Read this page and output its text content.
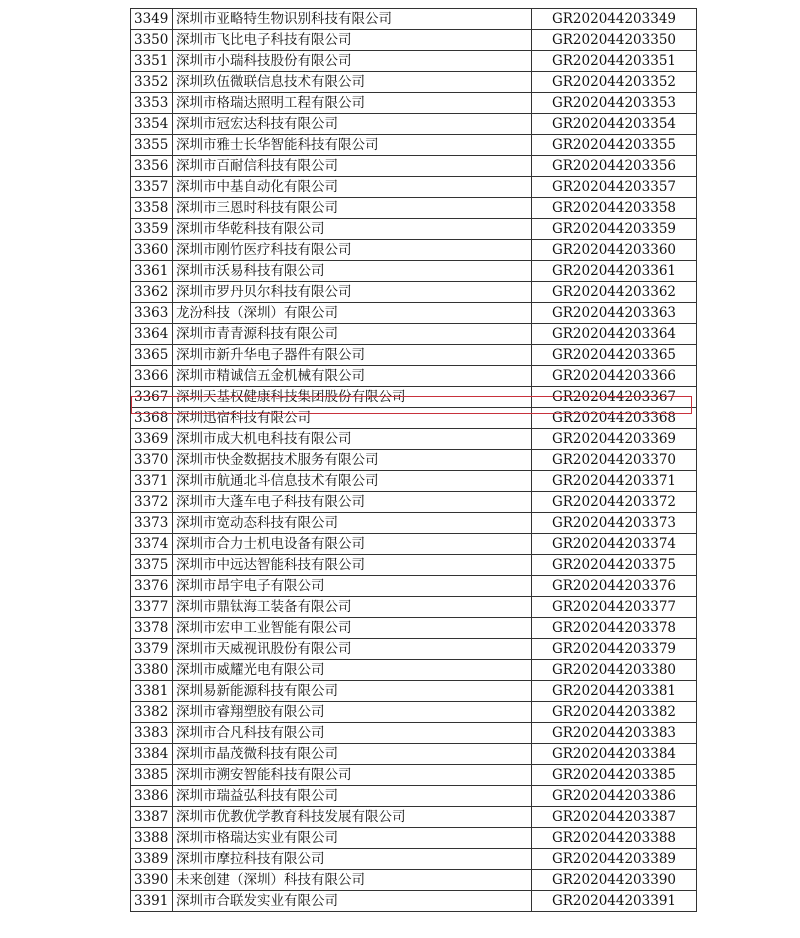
3349	深圳市亚略特生物识别科技有限公司	GR202044203349
3350	深圳市飞比电子科技有限公司	GR202044203350
3351	深圳市小瑞科技股份有限公司	GR202044203351
3352	深圳玖伍微联信息技术有限公司	GR202044203352
3353	深圳市格瑞达照明工程有限公司	GR202044203353
3354	深圳市冠宏达科技有限公司	GR202044203354
3355	深圳市雅士长华智能科技有限公司	GR202044203355
3356	深圳市百耐信科技有限公司	GR202044203356
3357	深圳市中基自动化有限公司	GR202044203357
3358	深圳市三恩时科技有限公司	GR202044203358
3359	深圳市华乾科技有限公司	GR202044203359
3360	深圳市刚竹医疗科技有限公司	GR202044203360
3361	深圳市沃易科技有限公司	GR202044203361
3362	深圳市罗丹贝尔科技有限公司	GR202044203362
3363	龙汾科技（深圳）有限公司	GR202044203363
3364	深圳市青青源科技有限公司	GR202044203364
3365	深圳市新升华电子器件有限公司	GR202044203365
3366	深圳市精诚信五金机械有限公司	GR202044203366
3367	深圳天基权健康科技集团股份有限公司	GR202044203367
3368	深圳迅宿科技有限公司	GR202044203368
3369	深圳市成大机电科技有限公司	GR202044203369
3370	深圳市快金数据技术服务有限公司	GR202044203370
3371	深圳市航通北斗信息技术有限公司	GR202044203371
3372	深圳市大蓬车电子科技有限公司	GR202044203372
3373	深圳市宽动态科技有限公司	GR202044203373
3374	深圳市合力士机电设备有限公司	GR202044203374
3375	深圳市中远达智能科技有限公司	GR202044203375
3376	深圳市昂宇电子有限公司	GR202044203376
3377	深圳市鼎钛海工装备有限公司	GR202044203377
3378	深圳市宏申工业智能有限公司	GR202044203378
3379	深圳市天威视讯股份有限公司	GR202044203379
3380	深圳市威耀光电有限公司	GR202044203380
3381	深圳易新能源科技有限公司	GR202044203381
3382	深圳市睿翔塑胶有限公司	GR202044203382
3383	深圳市合凡科技有限公司	GR202044203383
3384	深圳市晶茂微科技有限公司	GR202044203384
3385	深圳市溯安智能科技有限公司	GR202044203385
3386	深圳市瑞益弘科技有限公司	GR202044203386
3387	深圳市优教优学教育科技发展有限公司	GR202044203387
3388	深圳市格瑞达实业有限公司	GR202044203388
3389	深圳市摩拉科技有限公司	GR202044203389
3390	未来创建（深圳）科技有限公司	GR202044203390
3391	深圳市合联发实业有限公司	GR202044203391
